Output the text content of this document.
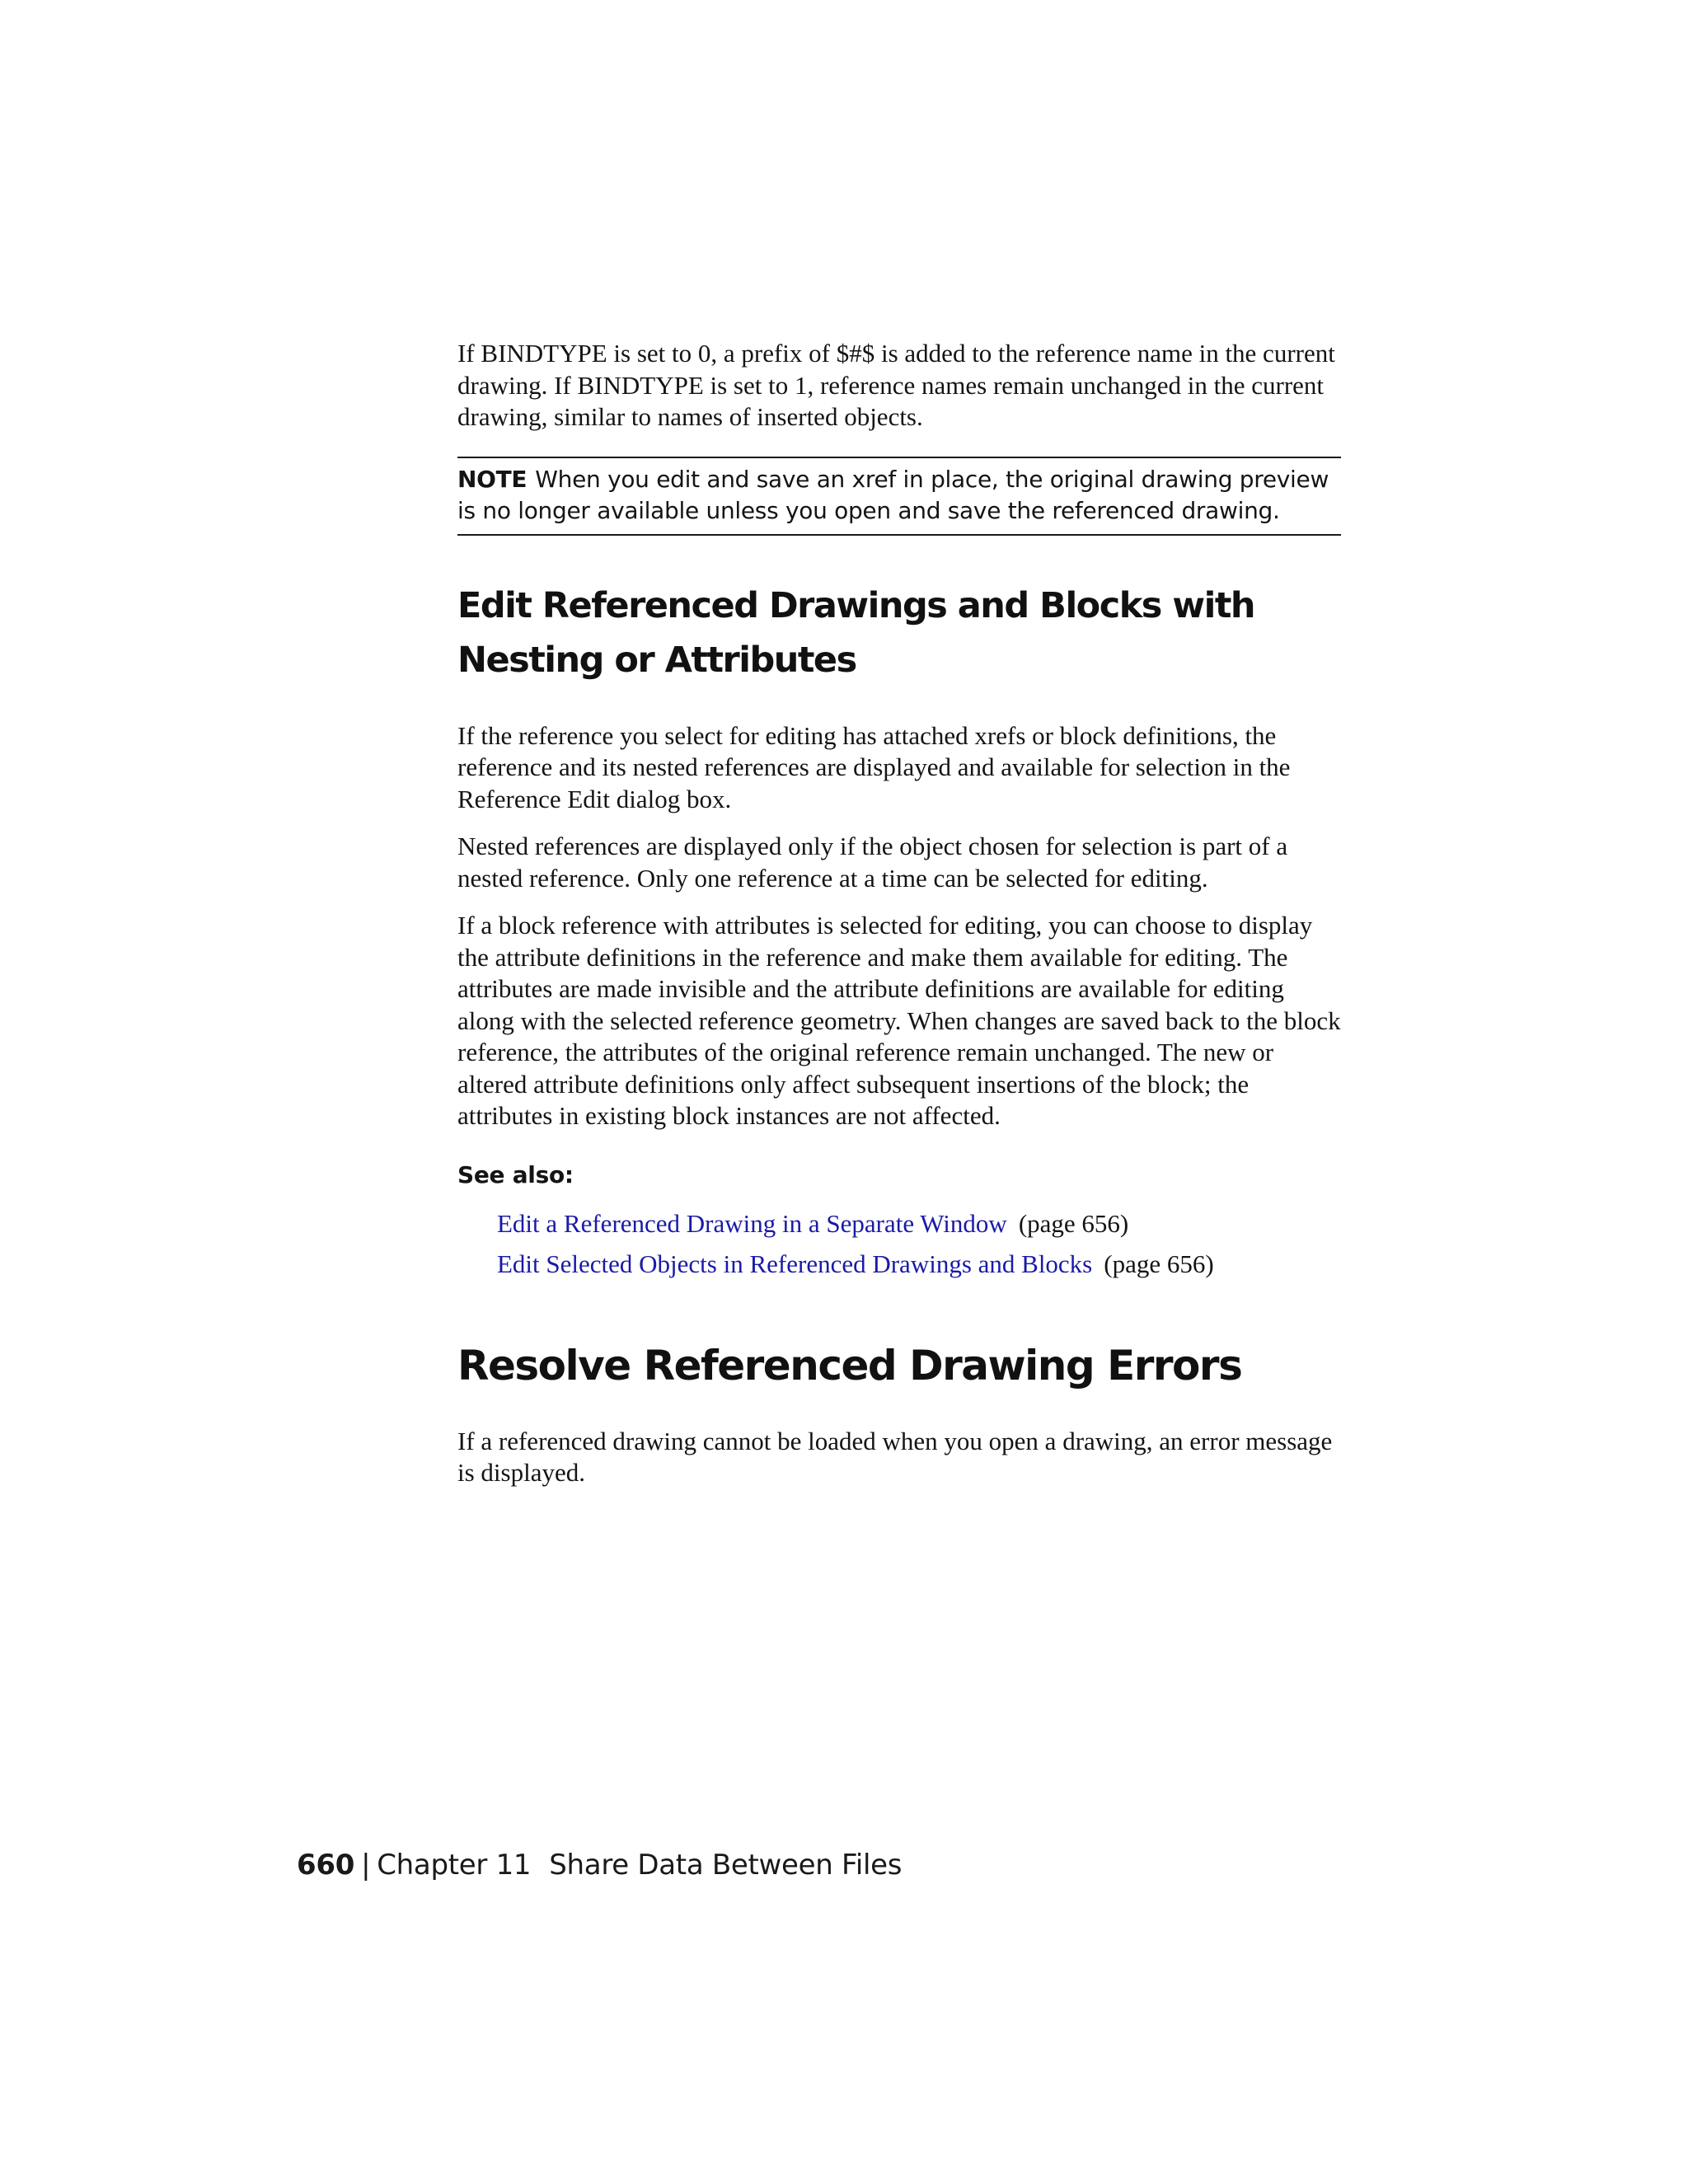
If BINDTYPE is set to 0, a prefix of $#$ is added to the reference name in the current drawing. If BINDTYPE is set to 1, reference names remain unchanged in the current drawing, similar to names of inserted objects.

NOTE When you edit and save an xref in place, the original drawing preview is no longer available unless you open and save the referenced drawing.
Edit Referenced Drawings and Blocks with Nesting or Attributes

If the reference you select for editing has attached xrefs or block definitions, the reference and its nested references are displayed and available for selection in the Reference Edit dialog box.

Nested references are displayed only if the object chosen for selection is part of a nested reference. Only one reference at a time can be selected for editing.

If a block reference with attributes is selected for editing, you can choose to display the attribute definitions in the reference and make them available for editing. The attributes are made invisible and the attribute definitions are available for editing along with the selected reference geometry. When changes are saved back to the block reference, the attributes of the original reference remain unchanged. The new or altered attribute definitions only affect subsequent insertions of the block; the attributes in existing block instances are not affected.

See also:
Edit a Referenced Drawing in a Separate Window (page 656)
Edit Selected Objects in Referenced Drawings and Blocks (page 656)
Resolve Referenced Drawing Errors

If a referenced drawing cannot be loaded when you open a drawing, an error message is displayed.

660 | Chapter 11 Share Data Between Files
